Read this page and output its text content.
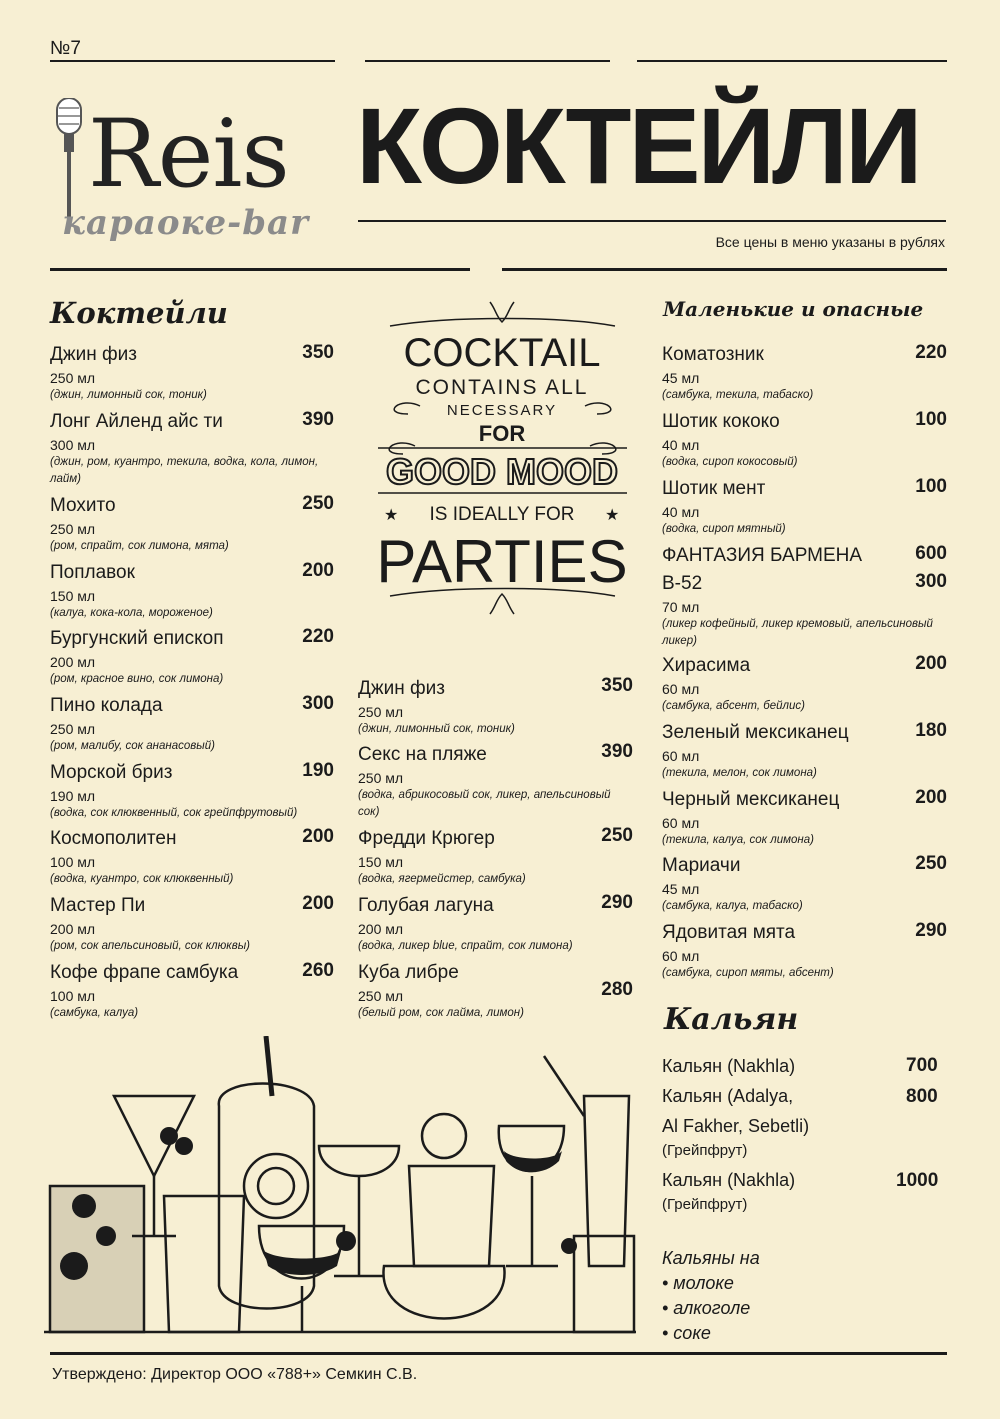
№7
Reis
караоке-bar
КОКТЕЙЛИ
Все цены в меню указаны в рублях
Коктейли	Маленькие и опасные
Кальян
COCKTAIL
CONTAINS ALL
NECESSARY
FOR
GOOD MOOD
IS IDEALLY FOR
★	★
PARTIES
Джин физ	350
250 мл
(джин, лимонный сок, тоник)
Лонг Айленд айс ти	390
300 мл
(джин, ром, куантро, текила, водка, кола, лимон, лайм)
Мохито	250
250 мл
(ром, спрайт, сок лимона, мята)
Поплавок	200
150 мл
(калуа, кока-кола, мороженое)
Бургунский епископ	220
200 мл
(ром, красное вино, сок лимона)
Пино колада	300
250 мл
(ром, малибу, сок ананасовый)
Морской бриз	190
190 мл
(водка, сок клюквенный, сок грейпфрутовый)
Космополитен	200
100 мл
(водка, куантро, сок клюквенный)
Мастер Пи	200
200 мл
(ром, сок апельсиновый, сок клюквы)
Кофе фрапе самбука	260
100 мл
(самбука, калуа)
Джин физ	350
250 мл
(джин, лимонный сок, тоник)
Секс на пляже	390
250 мл
(водка, абрикосовый сок, ликер, апельсиновый сок)
Фредди Крюгер	250
150 мл
(водка, ягермейстер, самбука)
Голубая лагуна	290
200 мл
(водка, ликер blue, спрайт, сок лимона)
Куба либре
280
250 мл
(белый ром, сок лайма, лимон)
Коматозник	220
45 мл
(самбука, текила, табаско)
Шотик кококо	100
40 мл
(водка, сироп кокосовый)
Шотик мент	100
40 мл
(водка, сироп мятный)
ФАНТАЗИЯ БАРМЕНА	600
B-52	300
70 мл
(ликер кофейный, ликер кремовый, апельсиновый ликер)
Хирасима	200
60 мл
(самбука, абсент, бейлис)
Зеленый мексиканец	180
60 мл
(текила, мелон, сок лимона)
Черный мексиканец	200
60 мл
(текила, калуа, сок лимона)
Мариачи	250
45 мл
(самбука, калуа, табаско)
Ядовитая мята	290
60 мл
(самбука, сироп мяты, абсент)
Кальян (Nakhla)	700
Кальян (Adalya,
Al Fakher, Sebetli)
(Грейпфрут)
800
Кальян (Nakhla)
(Грейпфрут)
1000
Кальяны на
• молоке
• алкоголе
• соке
Утверждено: Директор ООО «788+» Семкин С.В.
